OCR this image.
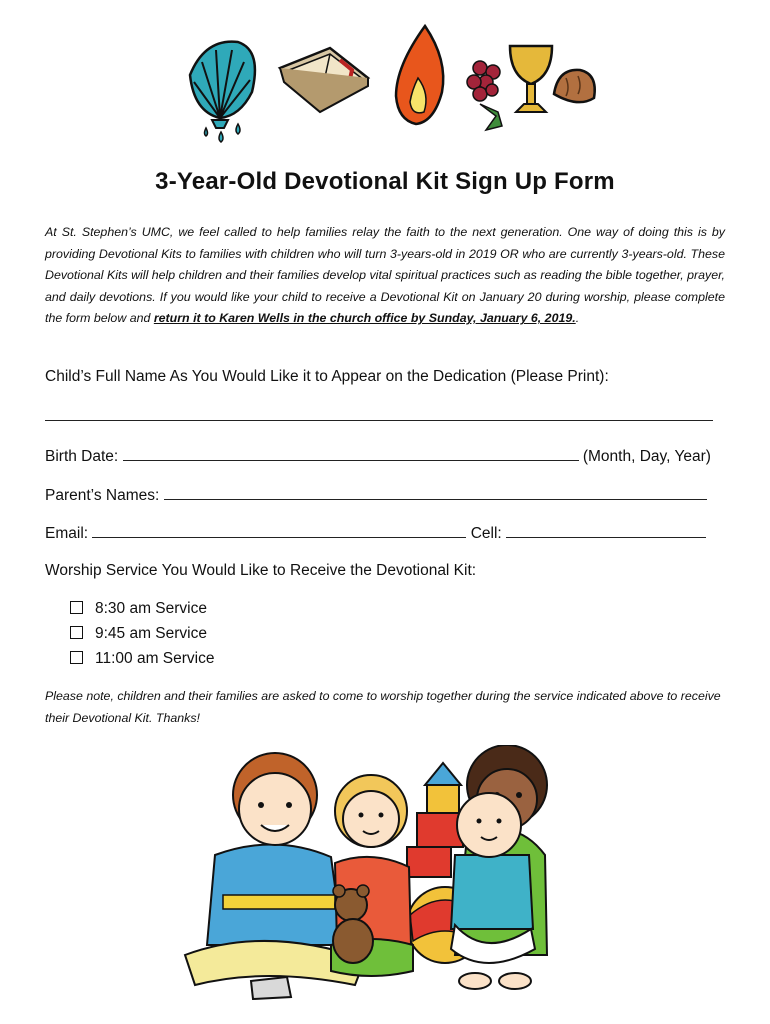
3-Year-Old Devotional Kit Sign Up Form

At St. Stephen’s UMC, we feel called to help families relay the faith to the next generation. One way of doing this is by providing Devotional Kits to families with children who will turn 3-years-old in 2019 OR who are currently 3-years-old. These Devotional Kits will help children and their families develop vital spiritual practices such as reading the bible together, prayer, and daily devotions. If you would like your child to receive a Devotional Kit on January 20 during worship, please complete the form below and return it to Karen Wells in the church office by Sunday, January 6, 2019..

Child’s Full Name As You Would Like it to Appear on the Dedication (Please Print):
Birth Date:	(Month, Day, Year)
Parent’s Names:
Email:	Cell:
Worship Service You Would Like to Receive the Devotional Kit:
8:30 am Service
9:45 am Service
11:00 am Service

Please note, children and their families are asked to come to worship together during the service indicated above to receive their Devotional Kit. Thanks!
